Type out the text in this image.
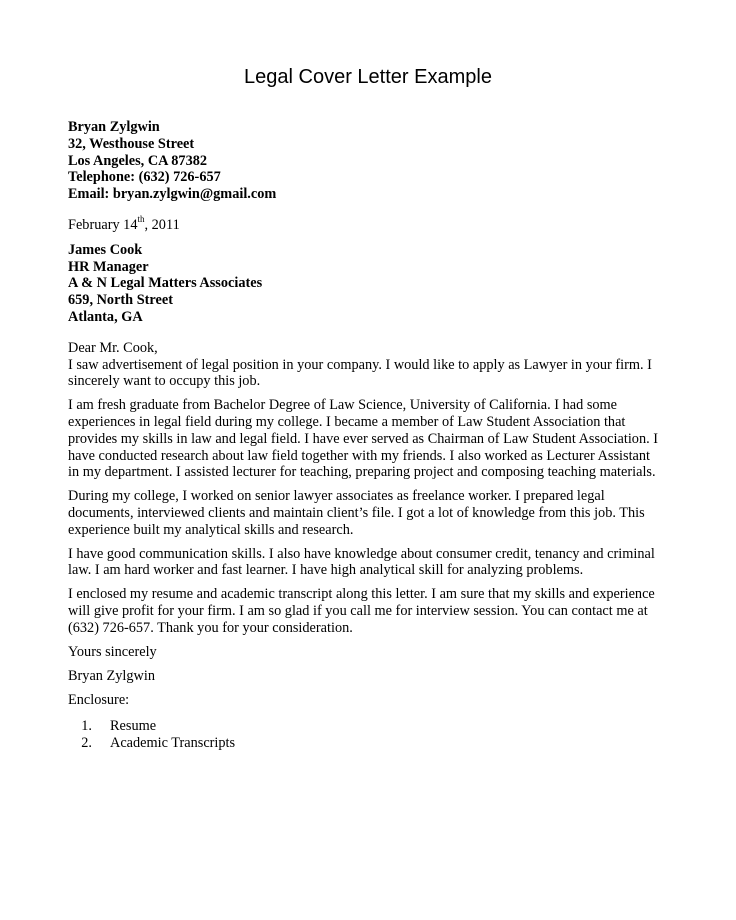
Legal Cover Letter Example
Bryan Zylgwin
32, Westhouse Street
Los Angeles, CA 87382
Telephone: (632) 726-657
Email: bryan.zylgwin@gmail.com
February 14th, 2011
James Cook
HR Manager
A & N Legal Matters Associates
659, North Street
Atlanta, GA
Dear Mr. Cook,
I saw advertisement of legal position in your company. I would like to apply as Lawyer in your firm. I
sincerely want to occupy this job.
I am fresh graduate from Bachelor Degree of Law Science, University of California. I had some
experiences in legal field during my college. I became a member of Law Student Association that
provides my skills in law and legal field. I have ever served as Chairman of Law Student Association. I
have conducted research about law field together with my friends. I also worked as Lecturer Assistant
in my department. I assisted lecturer for teaching, preparing project and composing teaching materials.
During my college, I worked on senior lawyer associates as freelance worker. I prepared legal
documents, interviewed clients and maintain client’s file. I got a lot of knowledge from this job. This
experience built my analytical skills and research.
I have good communication skills. I also have knowledge about consumer credit, tenancy and criminal
law. I am hard worker and fast learner. I have high analytical skill for analyzing problems.
I enclosed my resume and academic transcript along this letter. I am sure that my skills and experience
will give profit for your firm. I am so glad if you call me for interview session. You can contact me at
(632) 726-657. Thank you for your consideration.
Yours sincerely
Bryan Zylgwin
Enclosure:
1. Resume
2. Academic Transcripts
